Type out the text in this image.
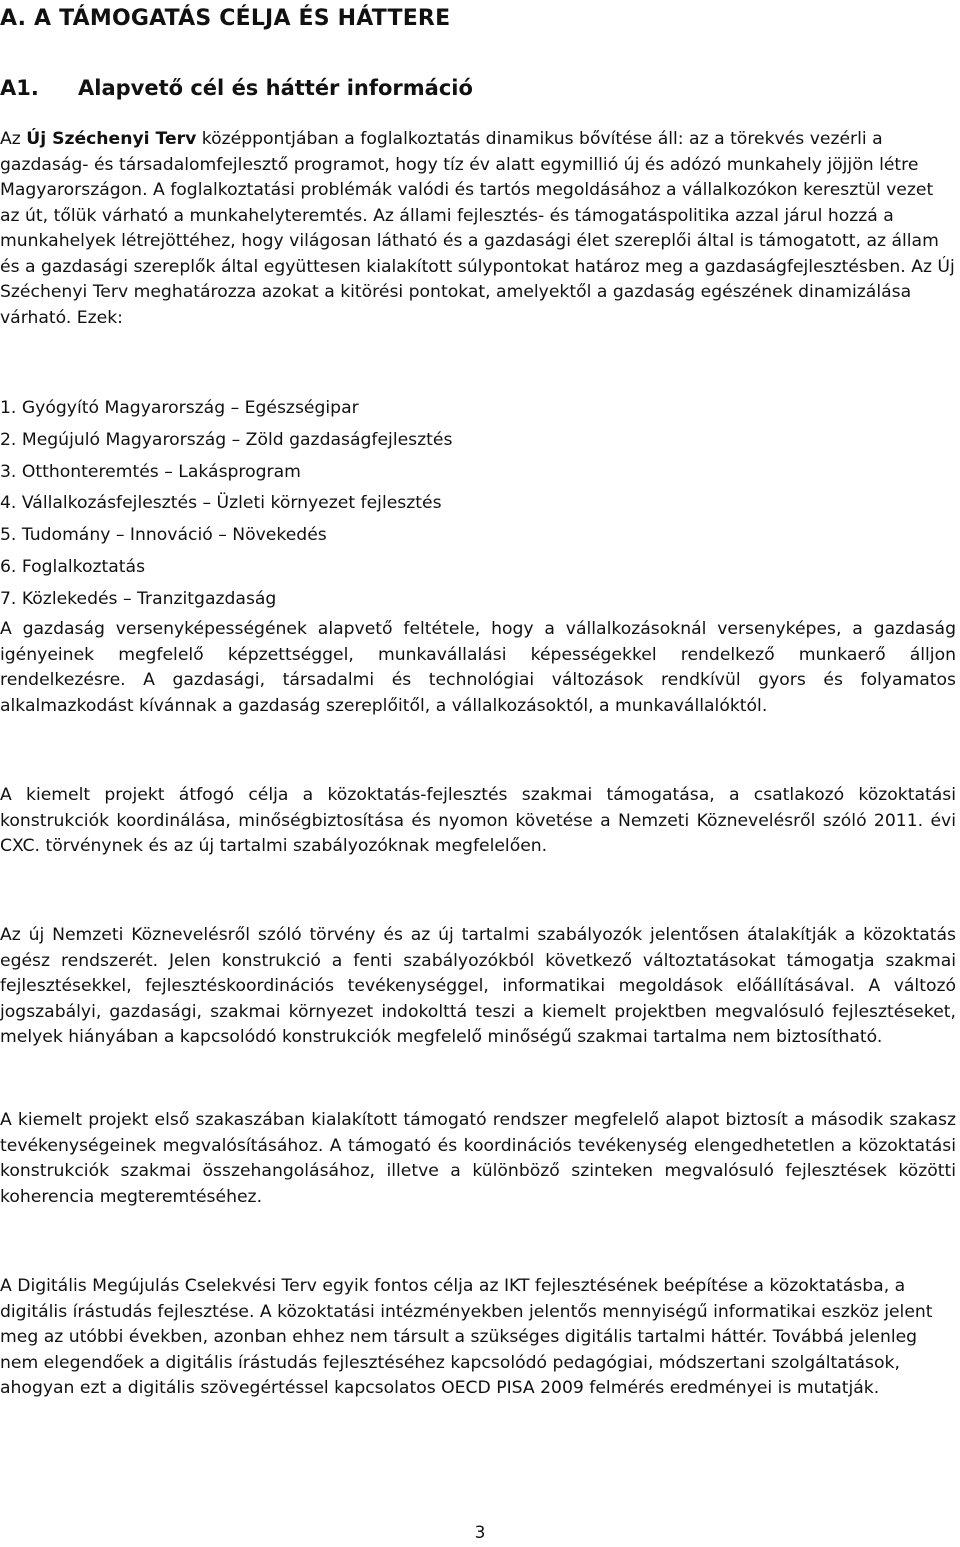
A. A TÁMOGATÁS CÉLJA ÉS HÁTTERE
A1. Alapvető cél és háttér információ

Az Új Széchenyi Terv középpontjában a foglalkoztatás dinamikus bővítése áll: az a törekvés vezérli a gazdaság- és társadalomfejlesztő programot, hogy tíz év alatt egymillió új és adózó munkahely jöjjön létre Magyarországon. A foglalkoztatási problémák valódi és tartós megoldásához a vállalkozókon keresztül vezet az út, tőlük várható a munkahelyteremtés. Az állami fejlesztés- és támogatáspolitika azzal járul hozzá a munkahelyek létrejöttéhez, hogy világosan látható és a gazdasági élet szereplői által is támogatott, az állam és a gazdasági szereplők által együttesen kialakított súlypontokat határoz meg a gazdaságfejlesztésben. Az Új Széchenyi Terv meghatározza azokat a kitörési pontokat, amelyektől a gazdaság egészének dinamizálása várható. Ezek:

1. Gyógyító Magyarország – Egészségipar
2. Megújuló Magyarország – Zöld gazdaságfejlesztés
3. Otthonteremtés – Lakásprogram
4. Vállalkozásfejlesztés – Üzleti környezet fejlesztés
5. Tudomány – Innováció – Növekedés
6. Foglalkoztatás
7. Közlekedés – Tranzitgazdaság

A gazdaság versenyképességének alapvető feltétele, hogy a vállalkozásoknál versenyképes, a gazdaság igényeinek megfelelő képzettséggel, munkavállalási képességekkel rendelkező munkaerő álljon rendelkezésre. A gazdasági, társadalmi és technológiai változások rendkívül gyors és folyamatos alkalmazkodást kívánnak a gazdaság szereplőitől, a vállalkozásoktól, a munkavállalóktól.

A kiemelt projekt átfogó célja a közoktatás-fejlesztés szakmai támogatása, a csatlakozó közoktatási konstrukciók koordinálása, minőségbiztosítása és nyomon követése a Nemzeti Köznevelésről szóló 2011. évi CXC. törvénynek és az új tartalmi szabályozóknak megfelelően.

Az új Nemzeti Köznevelésről szóló törvény és az új tartalmi szabályozók jelentősen átalakítják a közoktatás egész rendszerét. Jelen konstrukció a fenti szabályozókból következő változtatásokat támogatja szakmai fejlesztésekkel, fejlesztéskoordinációs tevékenységgel, informatikai megoldások előállításával. A változó jogszabályi, gazdasági, szakmai környezet indokolttá teszi a kiemelt projektben megvalósuló fejlesztéseket, melyek hiányában a kapcsolódó konstrukciók megfelelő minőségű szakmai tartalma nem biztosítható.

A kiemelt projekt első szakaszában kialakított támogató rendszer megfelelő alapot biztosít a második szakasz tevékenységeinek megvalósításához. A támogató és koordinációs tevékenység elengedhetetlen a közoktatási konstrukciók szakmai összehangolásához, illetve a különböző szinteken megvalósuló fejlesztések közötti koherencia megteremtéséhez.

A Digitális Megújulás Cselekvési Terv egyik fontos célja az IKT fejlesztésének beépítése a közoktatásba, a digitális írástudás fejlesztése. A közoktatási intézményekben jelentős mennyiségű informatikai eszköz jelent meg az utóbbi években, azonban ehhez nem társult a szükséges digitális tartalmi háttér. Továbbá jelenleg nem elegendőek a digitális írástudás fejlesztéséhez kapcsolódó pedagógiai, módszertani szolgáltatások, ahogyan ezt a digitális szövegértéssel kapcsolatos OECD PISA 2009 felmérés eredményei is mutatják.

3
